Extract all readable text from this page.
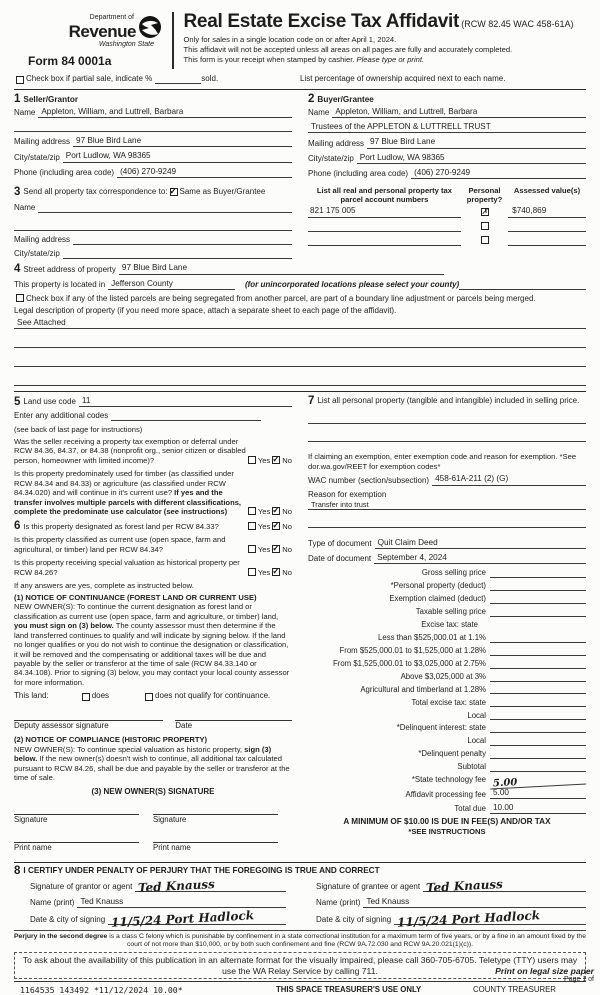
Department of
Revenue
Washington State
Form 84 0001a
Real Estate Excise Tax Affidavit (RCW 82.45 WAC 458-61A)
Only for sales in a single location code on or after April 1, 2024.
This affidavit will not be accepted unless all areas on all pages are fully and accurately completed.
This form is your receipt when stamped by cashier. Please type or print.
Check box if partial sale, indicate %	sold.	List percentage of ownership acquired next to each name.
1 Seller/Grantor
Name Appleton, William, and Luttrell, Barbara
Mailing address 97 Blue Bird Lane
City/state/zip Port Ludlow, WA 98365
Phone (including area code) (406) 270-9249
2 Buyer/Grantee
Name Appleton, William, and Luttrell, Barbara
Trustees of the APPLETON & LUTTRELL TRUST
Mailing address 97 Blue Bird Lane
City/state/zip Port Ludlow, WA 98365
Phone (including area code) (406) 270-9249
3 Send all property tax correspondence to: ✓ Same as Buyer/Grantee
Name
Mailing address
City/state/zip
List all real and personal property tax parcel account numbers
Personal property?
Assessed value(s)
821 175 005 ✗	$740,869
4 Street address of property 97 Blue Bird Lane
This property is located in Jefferson County	(for unincorporated locations please select your county)
Check box if any of the listed parcels are being segregated from another parcel, are part of a boundary line adjustment or parcels being merged.
Legal description of property (if you need more space, attach a separate sheet to each page of the affidavit).
See Attached
5 Land use code 11
Enter any additional codes
(see back of last page for instructions)
Was the seller receiving a property tax exemption or deferral under RCW 84.36, 84.37, or 84.38 (nonprofit org., senior citizen or disabled person, homeowner with limited income)?	Yes ✓ No
Is this property predominately used for timber (as classified under RCW 84.34 and 84.33) or agriculture (as classified under RCW 84.34.020) and will continue in it's current use? If yes and the transfer involves multiple parcels with different classifications, complete the predominate use calculator (see instructions)	Yes ✓ No
6 Is this property designated as forest land per RCW 84.33?	Yes ✓ No
Is this property classified as current use (open space, farm and agricultural, or timber) land per RCW 84.34?	Yes ✓ No
Is this property receiving special valuation as historical property per RCW 84.26?	Yes ✓ No
If any answers are yes, complete as instructed below.
(1) NOTICE OF CONTINUANCE (FOREST LAND OR CURRENT USE)
NEW OWNER(S): To continue the current designation as forest land or classification as current use (open space, farm and agriculture, or timber) land, you must sign on (3) below. The county assessor must then determine if the land transferred continues to qualify and will indicate by signing below. If the land no longer qualifies or you do not wish to continue the designation or classification, it will be removed and the compensating or additional taxes will be due and payable by the seller or transferor at the time of sale (RCW 84.33.140 or 84.34.108). Prior to signing (3) below, you may contact your local county assessor for more information.
This land:	does	does not qualify for continuance.
Deputy assessor signature	Date
(2) NOTICE OF COMPLIANCE (HISTORIC PROPERTY)
NEW OWNER(S): To continue special valuation as historic property, sign (3) below. If the new owner(s) doesn't wish to continue, all additional tax calculated pursuant to RCW 84.26, shall be due and payable by the seller or transferor at the time of sale.
(3) NEW OWNER(S) SIGNATURE
Signature	Signature
Print name	Print name
7 List all personal property (tangible and intangible) included in selling price.
If claiming an exemption, enter exemption code and reason for exemption. *See dor.wa.gov/REET for exemption codes*
WAC number (section/subsection) 458-61A-211 (2) (G)
Reason for exemption
Transfer into trust
Type of document Quit Claim Deed
Date of document September 4, 2024
Gross selling price
*Personal property (deduct)
Exemption claimed (deduct)
Taxable selling price
Excise tax: state
Less than $525,000.01 at 1.1%
From $525,000.01 to $1,525,000 at 1.28%
From $1,525,000.01 to $3,025,000 at 2.75%
Above $3,025,000 at 3%
Agricultural and timberland at 1.28%
Total excise tax: state
Local
*Delinquent interest: state
Local
*Delinquent penalty
Subtotal
*State technology fee 5.00
Affidavit processing fee 5.00
Total due 10.00
A MINIMUM OF $10.00 IS DUE IN FEE(S) AND/OR TAX
*SEE INSTRUCTIONS
8 I CERTIFY UNDER PENALTY OF PERJURY THAT THE FOREGOING IS TRUE AND CORRECT
Signature of grantor or agent Ted Knauss
Name (print) Ted Knauss
Date & city of signing 11/5/24 Port Hadlock
Signature of grantee or agent Ted Knauss
Name (print) Ted Knauss
Date & city of signing 11/5/24 Port Hadlock
Perjury in the second degree is a class C felony which is punishable by confinement in a state correctional institution for a maximum term of five years, or by a fine in an amount fixed by the court of not more than $10,000, or by both such confinement and fine (RCW 9A.72.030 and RCW 9A.20.021(1)(c)).
To ask about the availability of this publication in an alternate format for the visually impaired, please call 360-705-6705. Teletype (TTY) users may use the WA Relay Service by calling 711.
1164535 143492 *11/12/2024 10.00*	THIS SPACE TREASURER'S USE ONLY	COUNTY TREASURER
Print on legal size paper
Page 1 of
